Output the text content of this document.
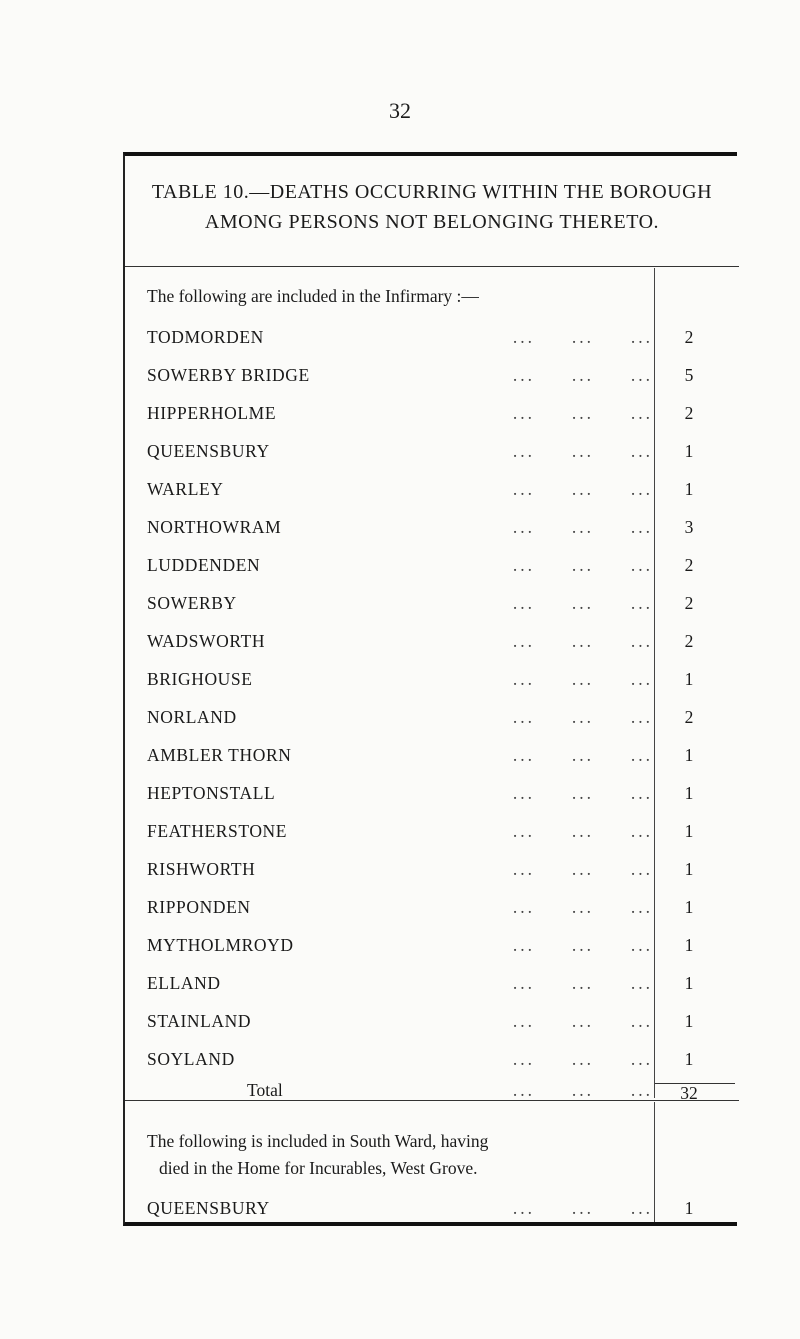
32
TABLE 10.—DEATHS OCCURRING WITHIN THE BOROUGH
AMONG PERSONS NOT BELONGING THERETO.
The following are included in the Infirmary :—
TODMORDEN	... ... ...	2
SOWERBY BRIDGE	... ... ...	5
HIPPERHOLME	... ... ...	2
QUEENSBURY	... ... ...	1
WARLEY	... ... ...	1
NORTHOWRAM	... ... ...	3
LUDDENDEN	... ... ...	2
SOWERBY	... ... ...	2
WADSWORTH	... ... ...	2
BRIGHOUSE	... ... ...	1
NORLAND	... ... ...	2
AMBLER THORN	... ... ...	1
HEPTONSTALL	... ... ...	1
FEATHERSTONE	... ... ...	1
RISHWORTH	... ... ...	1
RIPPONDEN	... ... ...	1
MYTHOLMROYD	... ... ...	1
ELLAND	... ... ...	1
STAINLAND	... ... ...	1
SOYLAND	... ... ...	1
Total	... ... ...	32
The following is included in South Ward, having
died in the Home for Incurables, West Grove.
QUEENSBURY	... ... ...	1
